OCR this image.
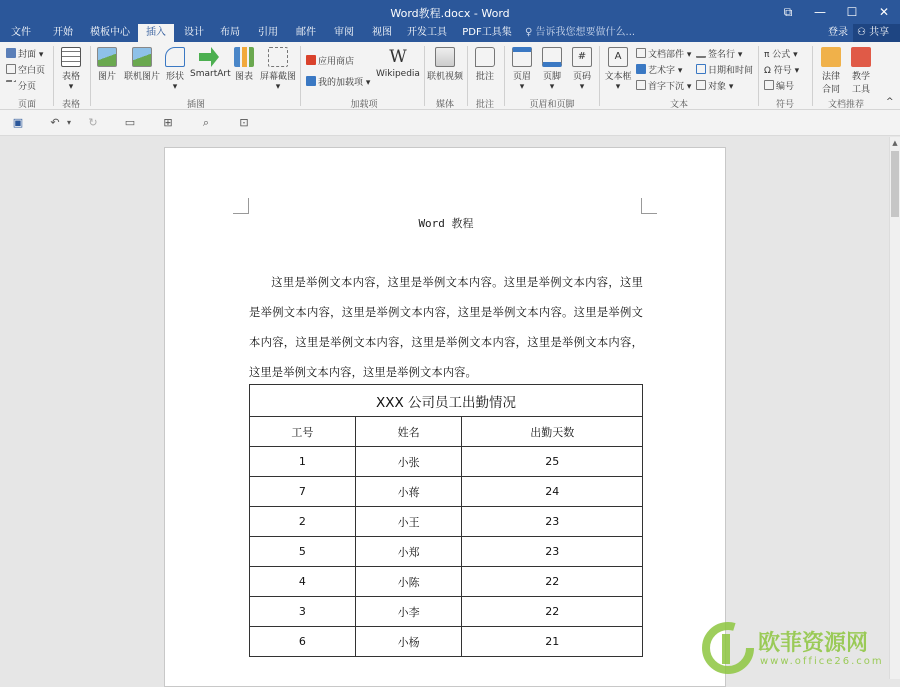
Word教程.docx - Word	⧉	—	☐	✕
文件	开始	模板中心	插入	设计	布局	引用	邮件	审阅	视图	开发工具	PDF工具集	♀ 告诉我您想要做什么...	登录 ⚇ 共享
封面 ▾
空白页
分页
页面
表格
▾
表格
图片 联机图片 形状
▾
SmartArt 图表 屏幕截图
▾
插图
应用商店
我的加载项 ▾
W
Wikipedia
加载项
联机视频
媒体
批注
批注
页眉
▾
页脚
▾
#
页码
▾
页眉和页脚
A
文本框
▾
文档部件 ▾
艺术字 ▾
首字下沉 ▾
签名行 ▾
日期和时间
对象 ▾
文本
π 公式 ▾
Ω 符号 ▾
编号
符号
法律合同
教学工具
文档推荐	^
▣	↶ ▾	↻	▭	⊞	⌕	⊡
▲
Word 教程
这里是举例文本内容，这里是举例文本内容。这里是举例文本内容，这里是举例文本内容，这里是举例文本内容，这里是举例文本内容。这里是举例文本内容，这里是举例文本内容，这里是举例文本内容，这里是举例文本内容，这里是举例文本内容，这里是举例文本内容。
XXX 公司员工出勤情况		
工号	姓名	出勤天数
1	小张	25
7	小蒋	24
2	小王	23
5	小郑	23
4	小陈	22
3	小李	22
6	小杨	21	欧菲资源网
www.office26.com
